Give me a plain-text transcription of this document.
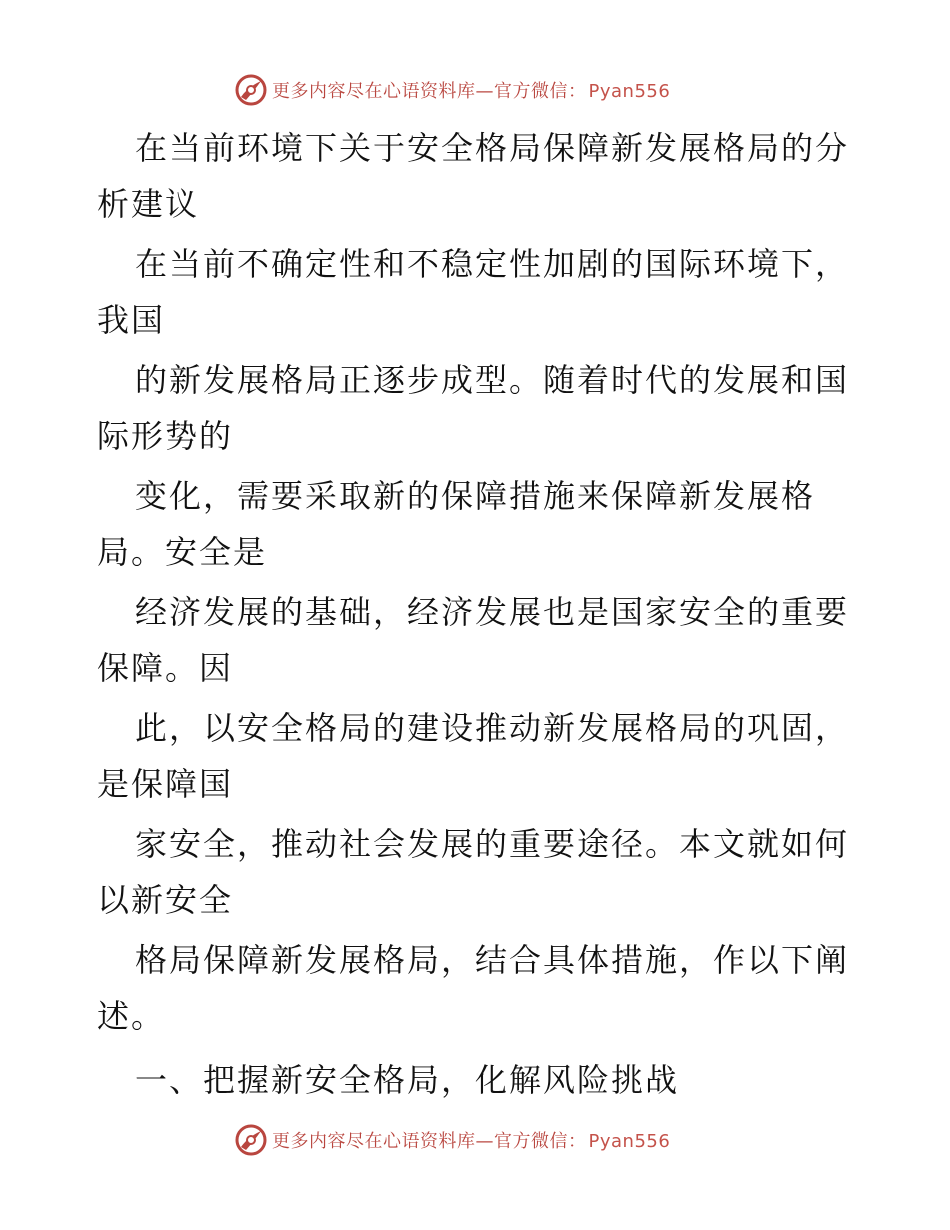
更多内容尽在心语资料库—官方微信： Pyan556

在当前环境下关于安全格局保障新发展格局的分析建议

在当前不确定性和不稳定性加剧的国际环境下，我国

的新发展格局正逐步成型。随着时代的发展和国际形势的

变化，需要采取新的保障措施来保障新发展格局。安全是

经济发展的基础，经济发展也是国家安全的重要保障。因

此，以安全格局的建设推动新发展格局的巩固，是保障国

家安全，推动社会发展的重要途径。本文就如何以新安全

格局保障新发展格局，结合具体措施，作以下阐述。

一、把握新安全格局，化解风险挑战

更多内容尽在心语资料库—官方微信： Pyan556
